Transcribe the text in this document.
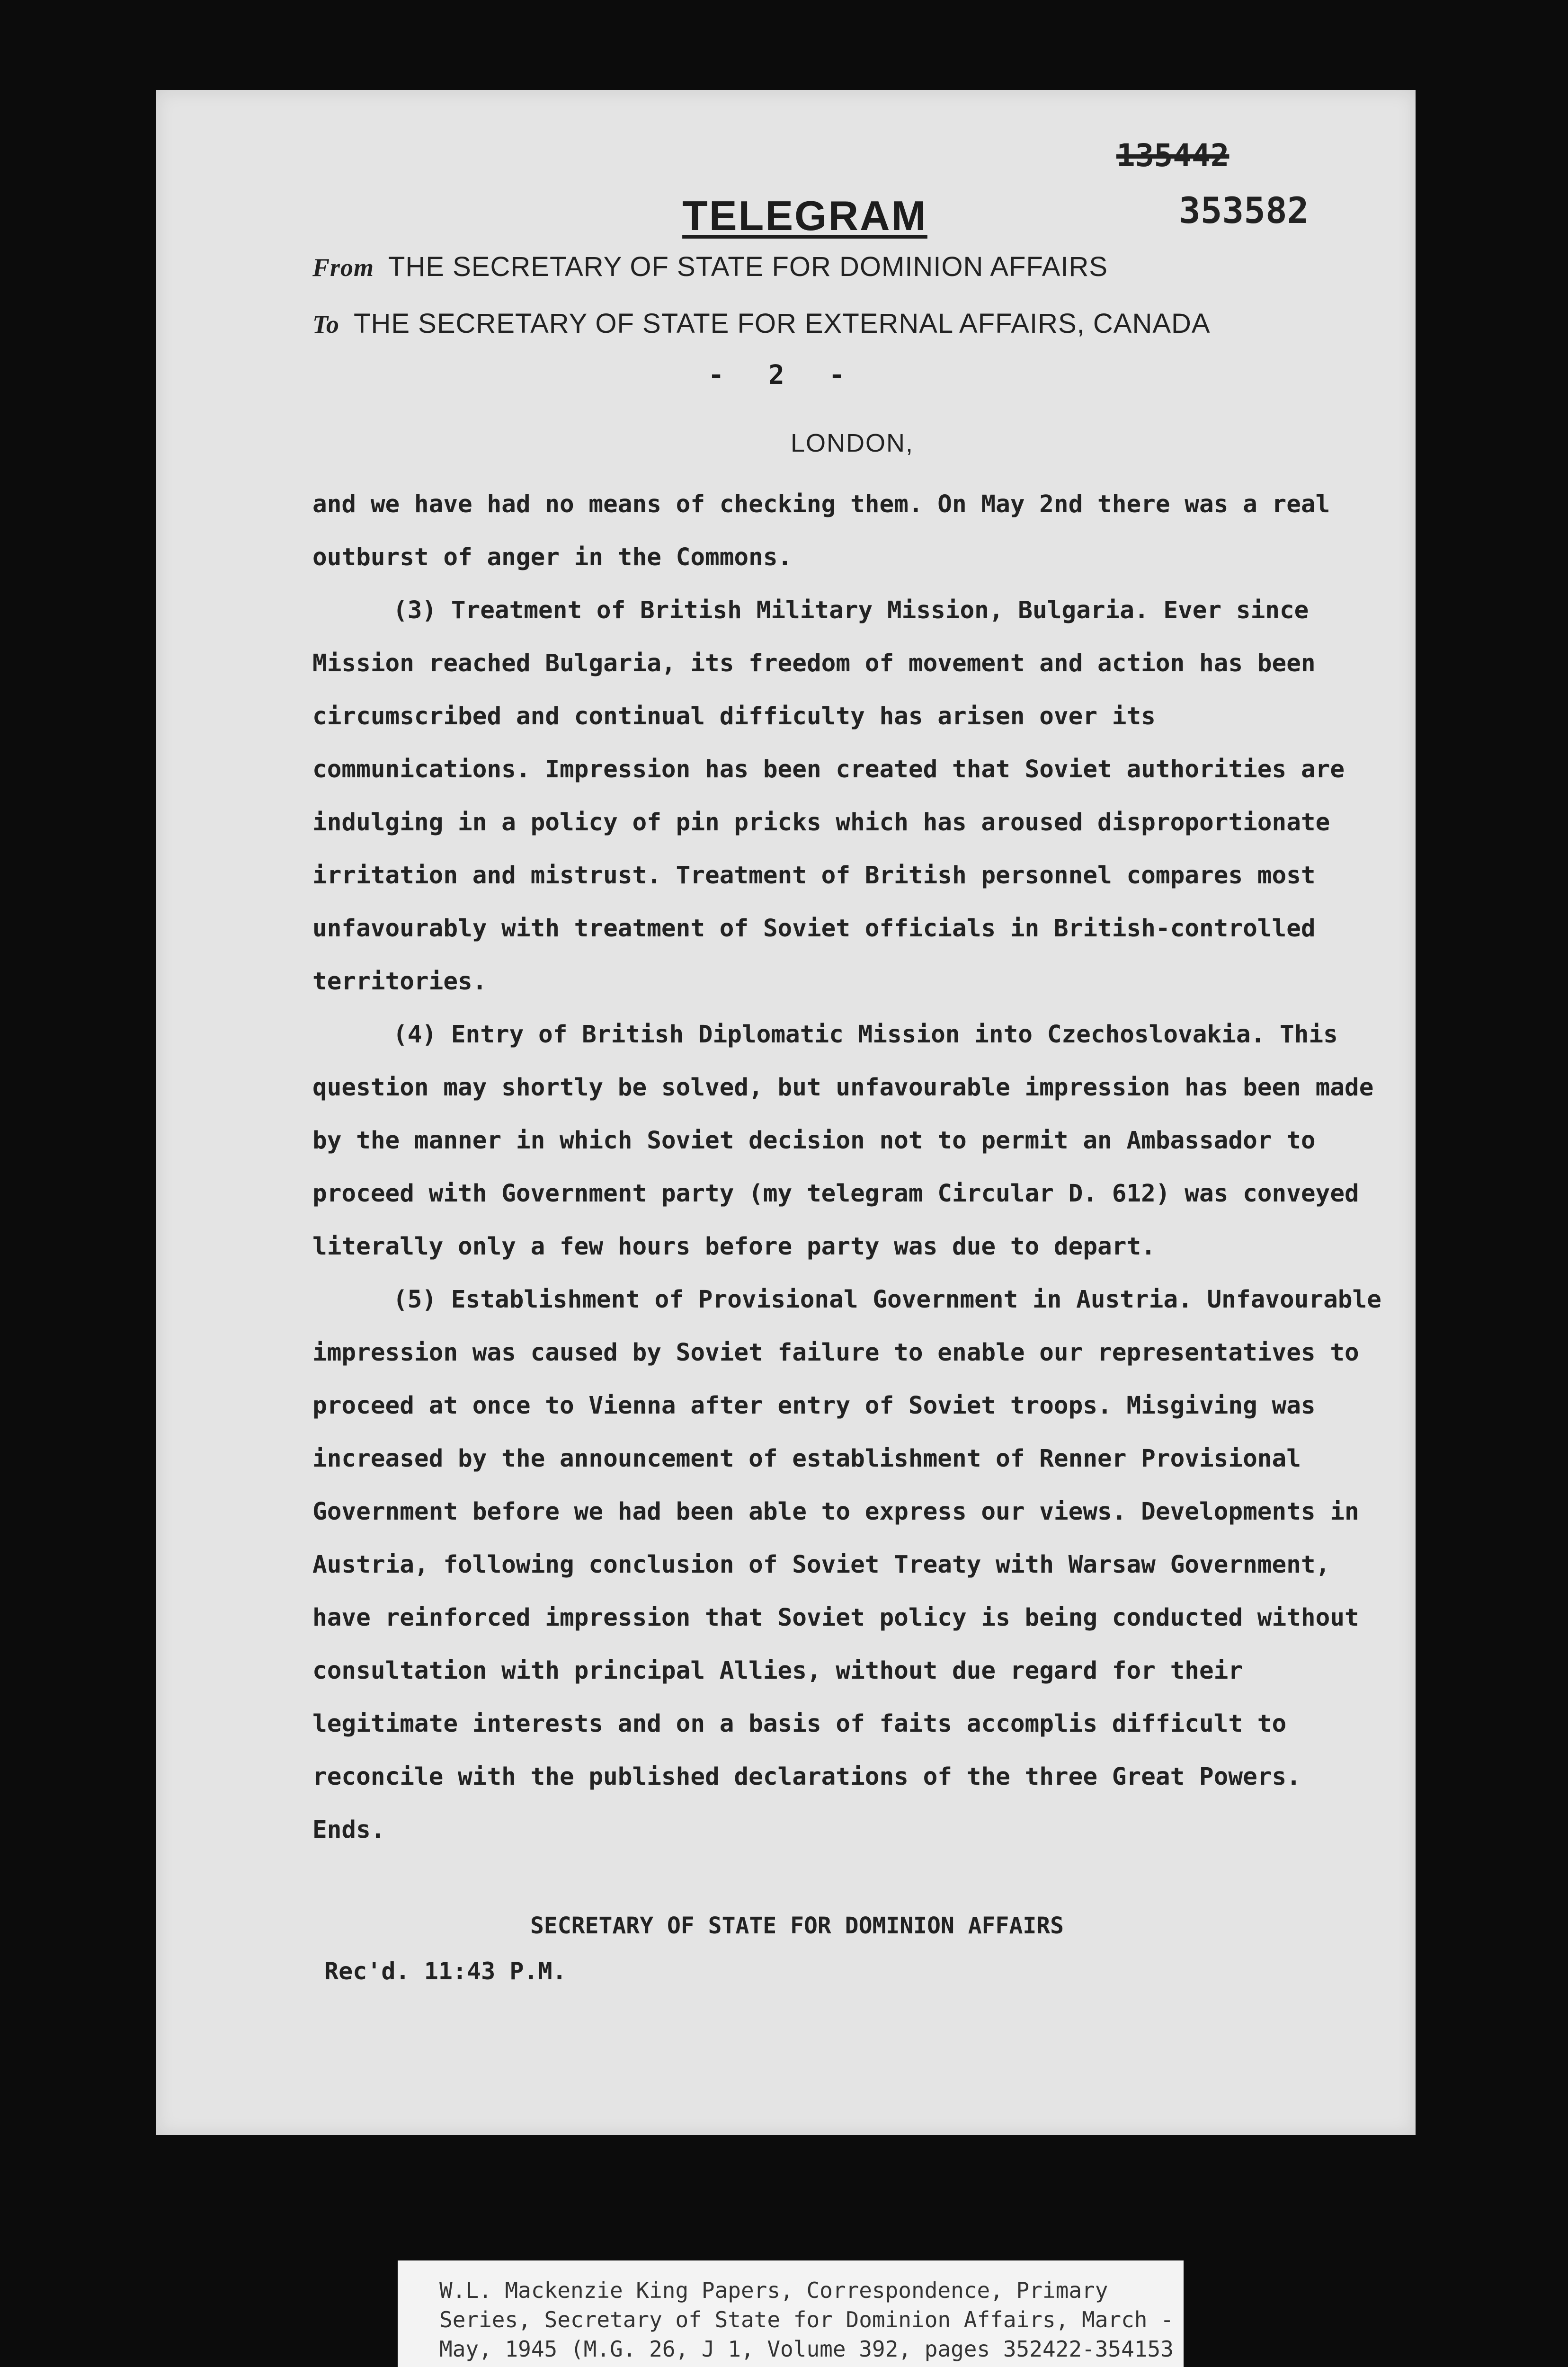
135442
353582
TELEGRAM
From THE SECRETARY OF STATE FOR DOMINION AFFAIRS
To THE SECRETARY OF STATE FOR EXTERNAL AFFAIRS, CANADA
- 2 -
LONDON,

and we have had no means of checking them. On May 2nd there was a real outburst of anger in the Commons.

(3) Treatment of British Military Mission, Bulgaria. Ever since Mission reached Bulgaria, its freedom of movement and action has been circumscribed and continual difficulty has arisen over its communications. Impression has been created that Soviet authorities are indulging in a policy of pin pricks which has aroused disproportionate irritation and mistrust. Treatment of British personnel compares most unfavourably with treatment of Soviet officials in British-controlled territories.

(4) Entry of British Diplomatic Mission into Czechoslovakia. This question may shortly be solved, but unfavourable impression has been made by the manner in which Soviet decision not to permit an Ambassador to proceed with Government party (my telegram Circular D. 612) was conveyed literally only a few hours before party was due to depart.

(5) Establishment of Provisional Government in Austria. Unfavourable impression was caused by Soviet failure to enable our representatives to proceed at once to Vienna after entry of Soviet troops. Misgiving was increased by the announcement of establishment of Renner Provisional Government before we had been able to express our views. Developments in Austria, following conclusion of Soviet Treaty with Warsaw Government, have reinforced impression that Soviet policy is being conducted without consultation with principal Allies, without due regard for their legitimate interests and on a basis of faits accomplis difficult to reconcile with the published declarations of the three Great Powers. Ends.

SECRETARY OF STATE FOR DOMINION AFFAIRS
Rec'd. 11:43 P.M.
W.L. Mackenzie King Papers, Correspondence, Primary Series, Secretary of State for Dominion Affairs, March - May, 1945 (M.G. 26, J 1, Volume 392, pages 352422-354153
